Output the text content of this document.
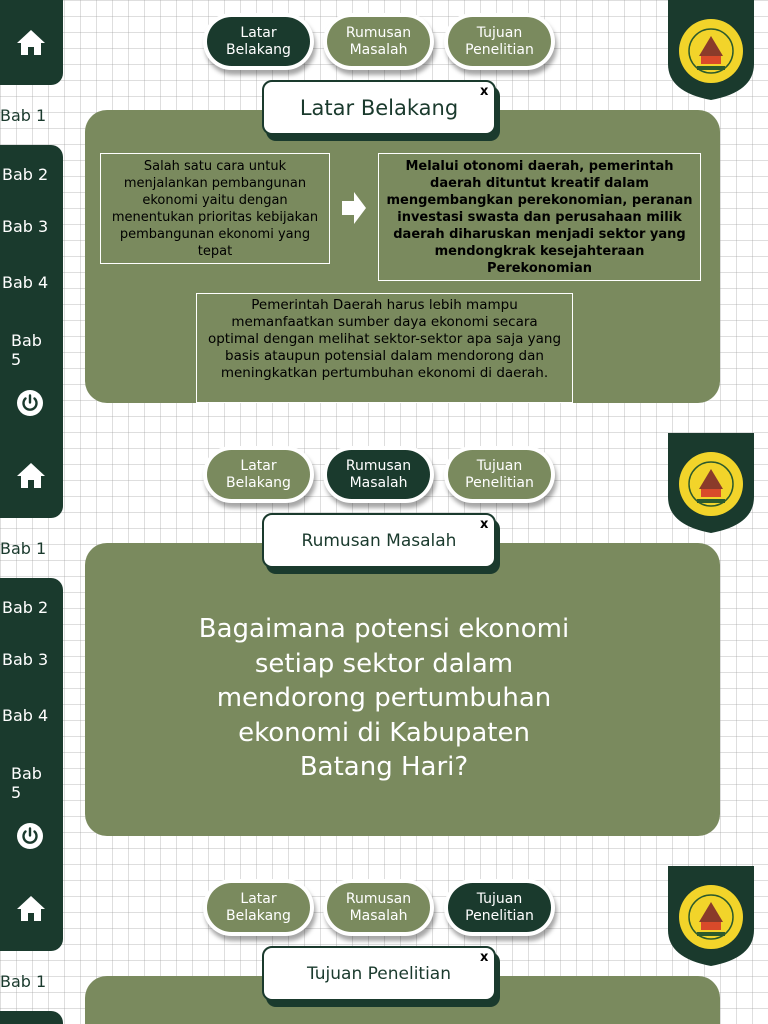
Bab 1
Bab 2
Bab 3
Bab 4
Bab 5
Latar Belakang
Rumusan Masalah
Tujuan Penelitian
Salah satu cara untuk menjalankan pembangunan ekonomi yaitu dengan menentukan prioritas kebijakan pembangunan ekonomi yang tepat
Melalui otonomi daerah, pemerintah daerah dituntut kreatif dalam mengembangkan perekonomian, peranan investasi swasta dan perusahaan milik daerah diharuskan menjadi sektor yang mendongkrak kesejahteraan Perekonomian
Pemerintah Daerah harus lebih mampu memanfaatkan sumber daya ekonomi secara optimal dengan melihat sektor-sektor apa saja yang basis ataupun potensial dalam mendorong dan meningkatkan pertumbuhan ekonomi di daerah.
Latar Belakang
x
Bab 1
Bab 2
Bab 3
Bab 4
Bab 5
Latar Belakang
Rumusan Masalah
Tujuan Penelitian
Rumusan Masalah
x
Bagaimana potensi ekonomi setiap sektor dalam mendorong pertumbuhan ekonomi di Kabupaten Batang Hari?
Bab 1
Latar Belakang
Rumusan Masalah
Tujuan Penelitian
Tujuan Penelitian
x
